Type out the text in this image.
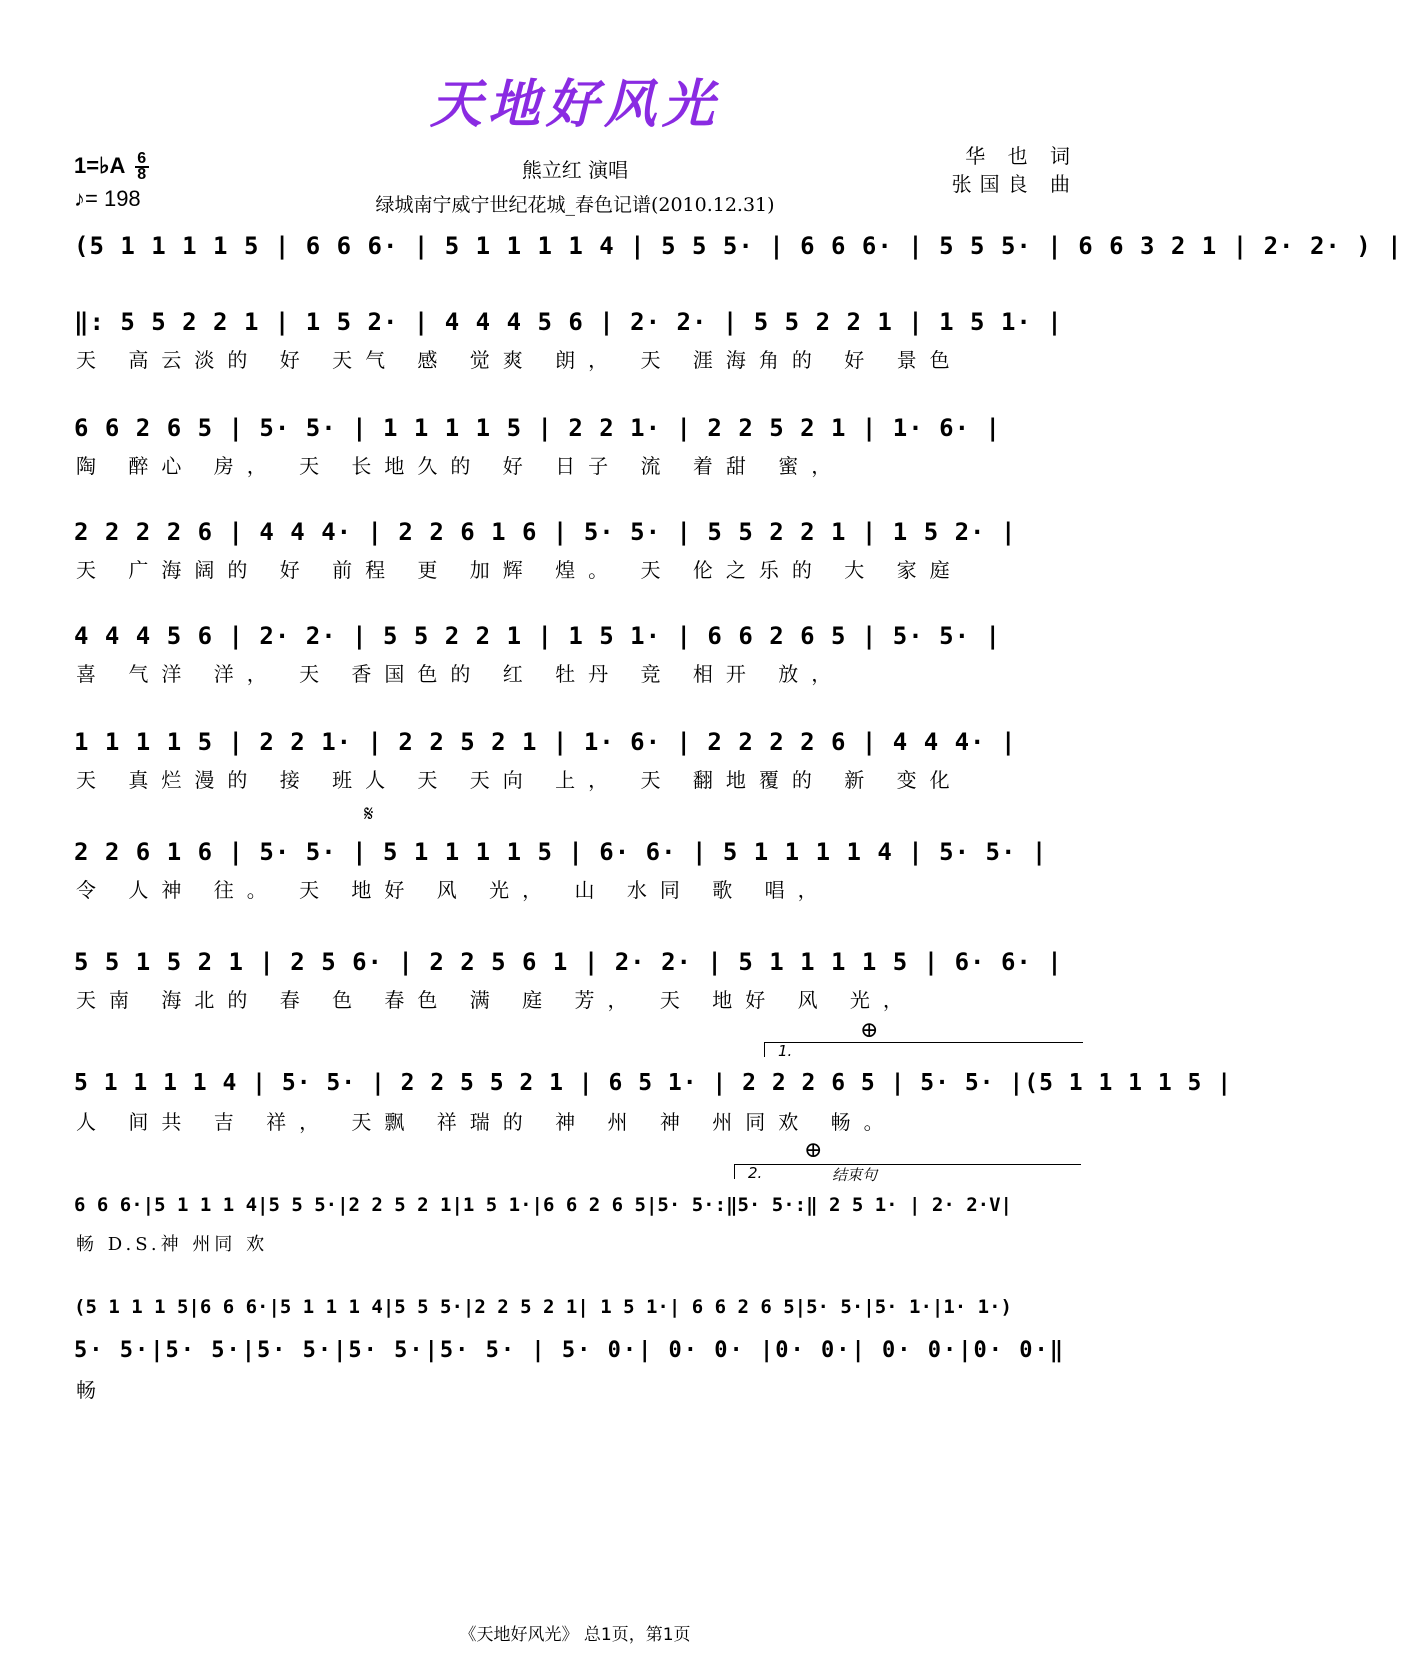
天地好风光
1=♭A $\frac{6}{8}$
♪= 198
熊立红 演唱
绿城南宁威宁世纪花城_春色记谱(2010.12.31)
华 也 词
张国良 曲
(5 1 1 1 1 5 | 6 6 6· | 5 1 1 1 1 4 | 5 5 5· | 6 6 6· | 5 5 5· | 6 6 3 2 1 | 2· 2· ) |
‖: 5 5 2 2 1 | 1 5 2· | 4 4 4 5 6 | 2· 2· | 5 5 2 2 1 | 1 5 1· |
天 高云淡的 好 天气 感 觉爽 朗， 天 涯海角的 好 景色
6 6 2 6 5 | 5· 5· | 1 1 1 1 5 | 2 2 1· | 2 2 5 2 1 | 1· 6· |
陶 醉心 房， 天 长地久的 好 日子 流 着甜 蜜，
2 2 2 2 6 | 4 4 4· | 2 2 6 1 6 | 5· 5· | 5 5 2 2 1 | 1 5 2· |
天 广海阔的 好 前程 更 加辉 煌。 天 伦之乐的 大 家庭
4 4 4 5 6 | 2· 2· | 5 5 2 2 1 | 1 5 1· | 6 6 2 6 5 | 5· 5· |
喜 气洋 洋， 天 香国色的 红 牡丹 竞 相开 放，
1 1 1 1 5 | 2 2 1· | 2 2 5 2 1 | 1· 6· | 2 2 2 2 6 | 4 4 4· |
天 真烂漫的 接 班人 天 天向 上， 天 翻地覆的 新 变化
𝄋
2 2 6 1 6 | 5· 5· | 5 1 1 1 1 5 | 6· 6· | 5 1 1 1 1 4 | 5· 5· |
令 人神 往。 天 地好 风 光， 山 水同 歌 唱，
5 5 1 5 2 1 | 2 5 6· | 2 2 5 6 1 | 2· 2· | 5 1 1 1 1 5 | 6· 6· |
天南 海北的 春 色 春色 满 庭 芳， 天 地好 风 光，
⊕
1.
5 1 1 1 1 4 | 5· 5· | 2 2 5 5 2 1 | 6 5 1· | 2 2 2 6 5 | 5· 5· |(5 1 1 1 1 5 |
人 间共 吉 祥， 天飘 祥瑞的 神 州 神 州同欢 畅。
⊕
2.	结束句
6 6 6·|5 1 1 1 4|5 5 5·|2 2 5 2 1|1 5 1·|6 6 2 6 5|5· 5·:‖5· 5·:‖ 2 5 1· | 2· 2·V|
畅 D.S.神 州同 欢
(5 1 1 1 5|6 6 6·|5 1 1 1 4|5 5 5·|2 2 5 2 1| 1 5 1·| 6 6 2 6 5|5· 5·|5· 1·|1· 1·)
5· 5·|5· 5·|5· 5·|5· 5·|5· 5· | 5· 0·| 0· 0· |0· 0·| 0· 0·|0· 0·‖
畅
《天地好风光》 总1页，第1页
